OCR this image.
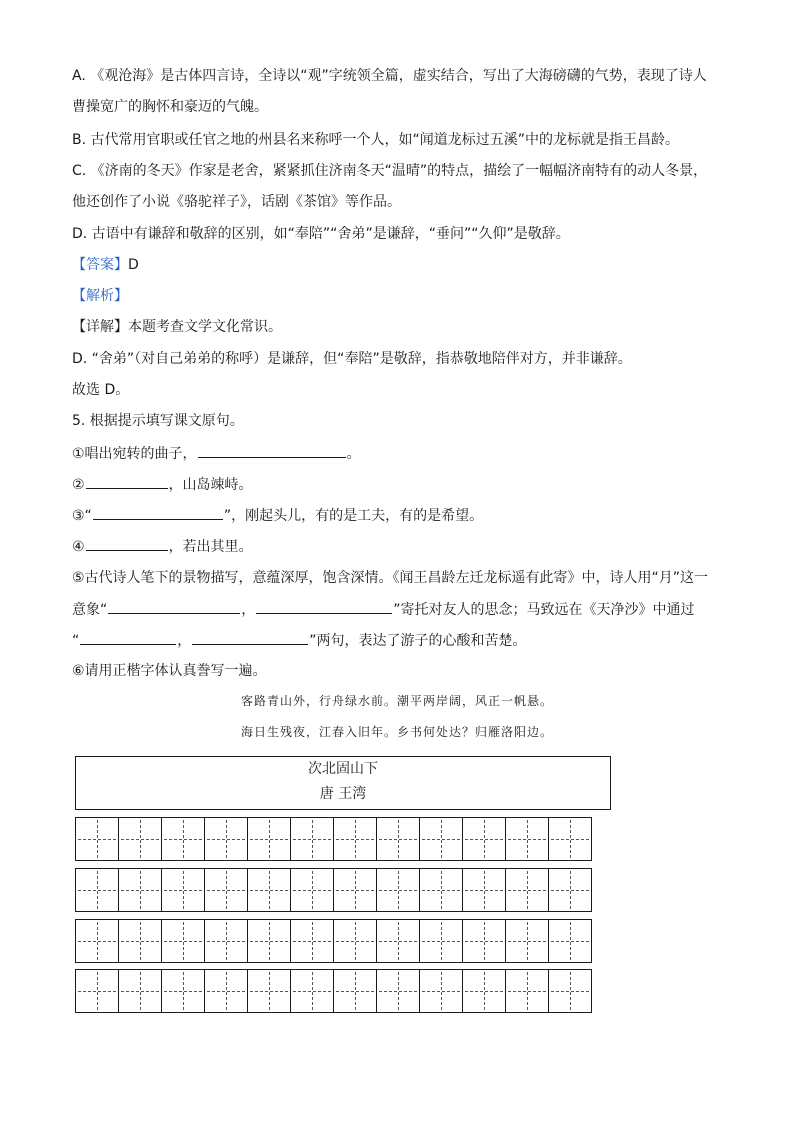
A. 《观沧海》是古体四言诗，全诗以“观”字统领全篇，虚实结合，写出了大海磅礴的气势，表现了诗人
曹操宽广的胸怀和豪迈的气魄。
B. 古代常用官职或任官之地的州县名来称呼一个人，如“闻道龙标过五溪”中的龙标就是指王昌龄。
C. 《济南的冬天》作家是老舍，紧紧抓住济南冬天“温晴”的特点，描绘了一幅幅济南特有的动人冬景，
他还创作了小说《骆驼祥子》，话剧《茶馆》等作品。
D. 古语中有谦辞和敬辞的区别，如“奉陪”“舍弟”是谦辞，“垂问”“久仰”是敬辞。
【答案】D
【解析】
【详解】本题考查文学文化常识。
D. “舍弟”（对自己弟弟的称呼）是谦辞，但“奉陪”是敬辞，指恭敬地陪伴对方，并非谦辞。
故选 D。
5. 根据提示填写课文原句。
①唱出宛转的曲子，	。
②	，山岛竦峙。
③“	”，刚起头儿，有的是工夫，有的是希望。
④	，若出其里。
⑤古代诗人笔下的景物描写，意蕴深厚，饱含深情。《闻王昌龄左迁龙标遥有此寄》中，诗人用“月”这一
意象“	，	”寄托对友人的思念；马致远在《天净沙》中通过
“	，	”两句，表达了游子的心酸和苦楚。
⑥请用正楷字体认真誊写一遍。
客路青山外，行舟绿水前。潮平两岸阔，风正一帆悬。
海日生残夜，江春入旧年。乡书何处达？归雁洛阳边。
次北固山下
唐 王湾
